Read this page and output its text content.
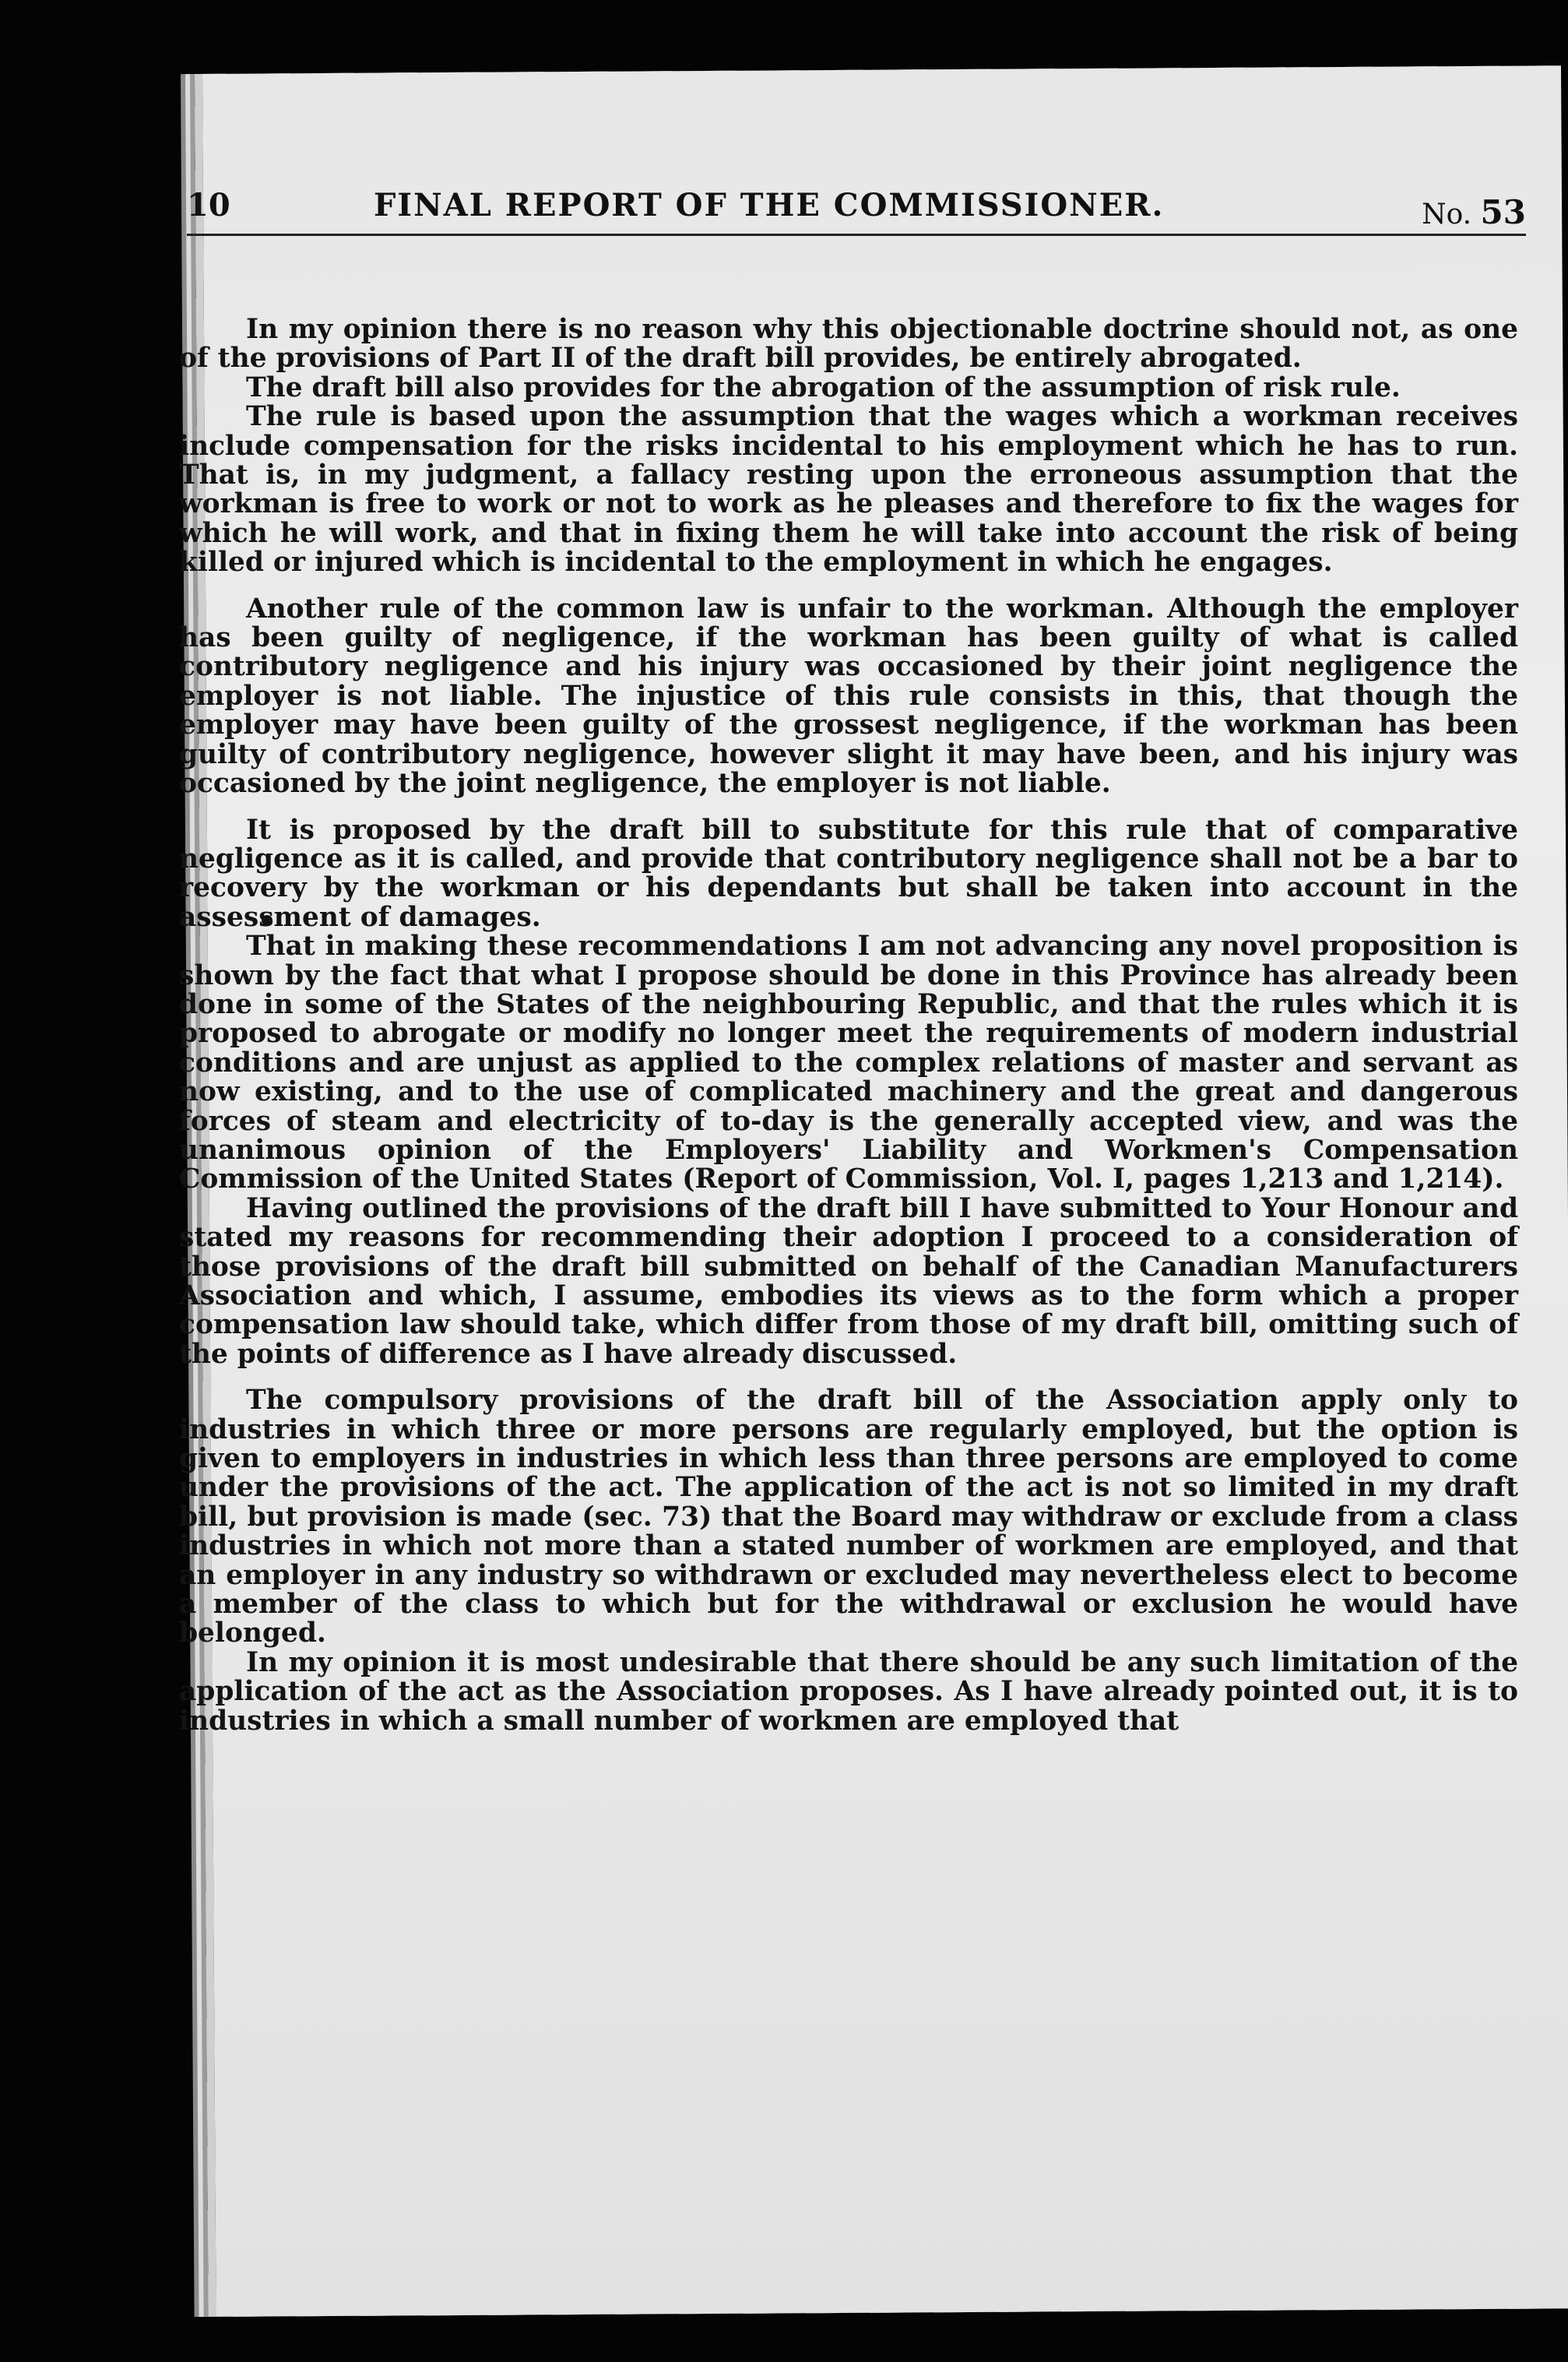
10	FINAL REPORT OF THE COMMISSIONER.	No. 53

In my opinion there is no reason why this objectionable doctrine should not, as one of the provisions of Part II of the draft bill provides, be entirely abrogated.

The draft bill also provides for the abrogation of the assumption of risk rule.

The rule is based upon the assumption that the wages which a workman receives include compensation for the risks incidental to his employment which he has to run. That is, in my judgment, a fallacy resting upon the erroneous assumption that the workman is free to work or not to work as he pleases and therefore to fix the wages for which he will work, and that in fixing them he will take into account the risk of being killed or injured which is incidental to the employment in which he engages.

Another rule of the common law is unfair to the workman. Although the employer has been guilty of negligence, if the workman has been guilty of what is called contributory negligence and his injury was occasioned by their joint negligence the employer is not liable. The injustice of this rule consists in this, that though the employer may have been guilty of the grossest negligence, if the workman has been guilty of contributory negligence, however slight it may have been, and his injury was occasioned by the joint negligence, the employer is not liable.

It is proposed by the draft bill to substitute for this rule that of comparative negligence as it is called, and provide that contributory negligence shall not be a bar to recovery by the workman or his dependants but shall be taken into account in the assessment of damages.

That in making these recommendations I am not advancing any novel proposition is shown by the fact that what I propose should be done in this Province has already been done in some of the States of the neighbouring Republic, and that the rules which it is proposed to abrogate or modify no longer meet the requirements of modern industrial conditions and are unjust as applied to the complex relations of master and servant as now existing, and to the use of complicated machinery and the great and dangerous forces of steam and electricity of to-day is the generally accepted view, and was the unanimous opinion of the Employers' Liability and Workmen's Compensation Commission of the United States (Report of Commission, Vol. I, pages 1,213 and 1,214).

Having outlined the provisions of the draft bill I have submitted to Your Honour and stated my reasons for recommending their adoption I proceed to a consideration of those provisions of the draft bill submitted on behalf of the Canadian Manufacturers Association and which, I assume, embodies its views as to the form which a proper compensation law should take, which differ from those of my draft bill, omitting such of the points of difference as I have already discussed.

The compulsory provisions of the draft bill of the Association apply only to industries in which three or more persons are regularly employed, but the option is given to employers in industries in which less than three persons are employed to come under the provisions of the act. The application of the act is not so limited in my draft bill, but provision is made (sec. 73) that the Board may withdraw or exclude from a class industries in which not more than a stated number of workmen are employed, and that an employer in any industry so withdrawn or excluded may nevertheless elect to become a member of the class to which but for the withdrawal or exclusion he would have belonged.

In my opinion it is most undesirable that there should be any such limitation of the application of the act as the Association proposes. As I have already pointed out, it is to industries in which a small number of workmen are employed that
